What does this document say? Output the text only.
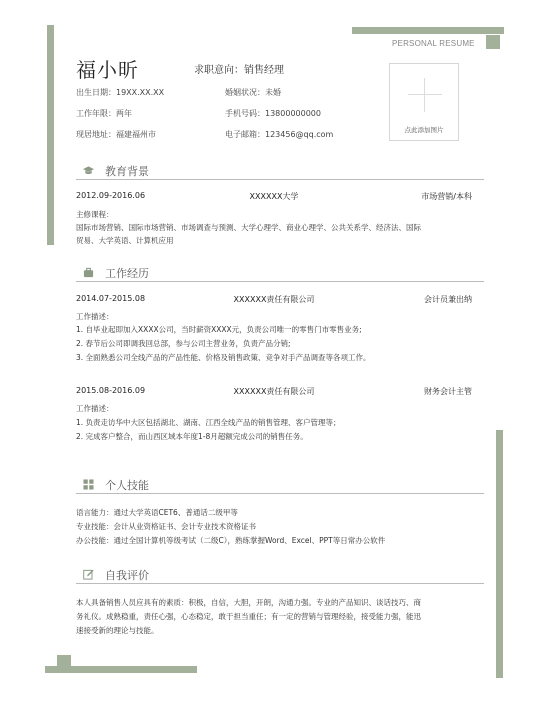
PERSONAL RESUME
福小昕	求职意向：销售经理
出生日期：19XX.XX.XX	婚姻状况：未婚
工作年限：两年	手机号码：13800000000
现居地址：福建福州市	电子邮箱：123456@qq.com	点此添加图片
教育背景
2012.09-2016.06	XXXXXX大学	市场营销/本科
主修课程：
国际市场营销、国际市场营销、市场调查与预测、大学心理学、商业心理学、公共关系学、经济法、国际
贸易、大学英语、计算机应用
工作经历
2014.07-2015.08	XXXXXX责任有限公司	会计员兼出纳
工作描述：
1. 自毕业起即加入XXXX公司，当时薪资XXXX元，负责公司唯一的零售门市零售业务;
2. 春节后公司即调我回总部，参与公司主营业务，负责产品分销;
3. 全面熟悉公司全线产品的产品性能、价格及销售政策、竞争对手产品调查等各项工作。
2015.08-2016.09	XXXXXX责任有限公司	财务会计主管
工作描述：
1. 负责走访华中大区包括湖北、湖南、江西全线产品的销售管理、客户管理等；
2. 完成客户整合，而山西区域本年度1-8月超额完成公司的销售任务。
个人技能
语言能力：通过大学英语CET6、普通话二级甲等
专业技能：会计从业资格证书、会计专业技术资格证书
办公技能：通过全国计算机等级考试（二级C），熟练掌握Word、Excel、PPT等日常办公软件
自我评价
本人具备销售人员应具有的素质：积极，自信，大胆，开朗，沟通力强。专业的产品知识、谈话技巧、商
务礼仪。成熟稳重，责任心强，心态稳定，敢于担当重任；有一定的营销与管理经验，接受能力强，能迅
速接受新的理论与技能。
